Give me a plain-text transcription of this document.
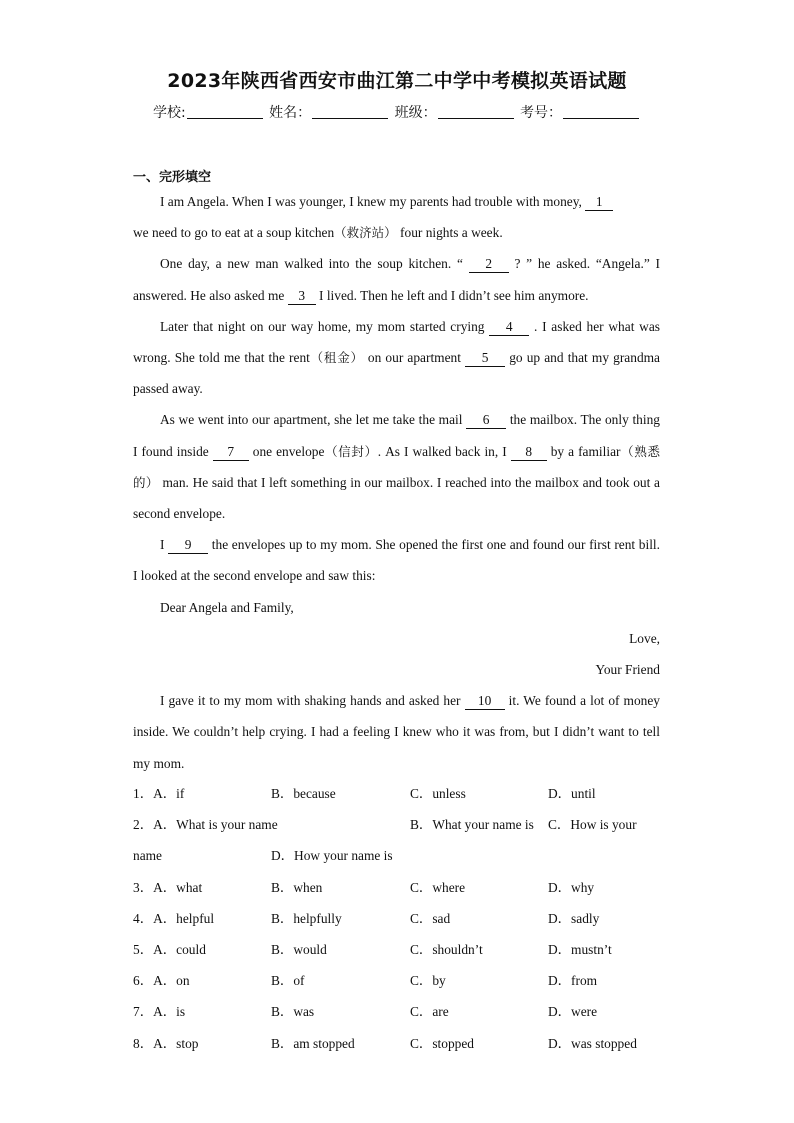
2023年陕西省西安市曲江第二中学中考模拟英语试题
学校:	姓名：	班级：	考号：
一、完形填空

I am Angela. When I was younger, I knew my parents had trouble with money, 1
we need to go to eat at a soup kitchen（救济站） four nights a week.

One day, a new man walked into the soup kitchen. “ 2 ? ” he asked. “Angela.” I answered. He also asked me 3 I lived. Then he left and I didn’t see him anymore.

Later that night on our way home, my mom started crying 4 . I asked her what was wrong. She told me that the rent（租金） on our apartment 5 go up and that my grandma passed away.

As we went into our apartment, she let me take the mail 6 the mailbox. The only thing I found inside 7 one envelope（信封）. As I walked back in, I 8 by a familiar（熟悉的） man. He said that I left something in our mailbox. I reached into the mailbox and took out a second envelope.

I 9 the envelopes up to my mom. She opened the first one and found our first rent bill. I looked at the second envelope and saw this:

Dear Angela and Family,

Love,

Your Friend

I gave it to my mom with shaking hands and asked her 10 it. We found a lot of money inside. We couldn’t help crying. I had a feeling I knew who it was from, but I didn’t want to tell my mom.

1．A．if	B．because	C．unless	D．until
2．A．What is your name	B．What your name is C．How is your
name	D．How your name is
3．A．what	B．when	C．where	D．why
4．A．helpful	B．helpfully	C．sad	D．sadly
5．A．could	B．would	C．shouldn’t	D．mustn’t
6．A．on	B．of	C．by	D．from
7．A．is	B．was	C．are	D．were
8．A．stop	B．am stopped	C．stopped	D．was stopped
